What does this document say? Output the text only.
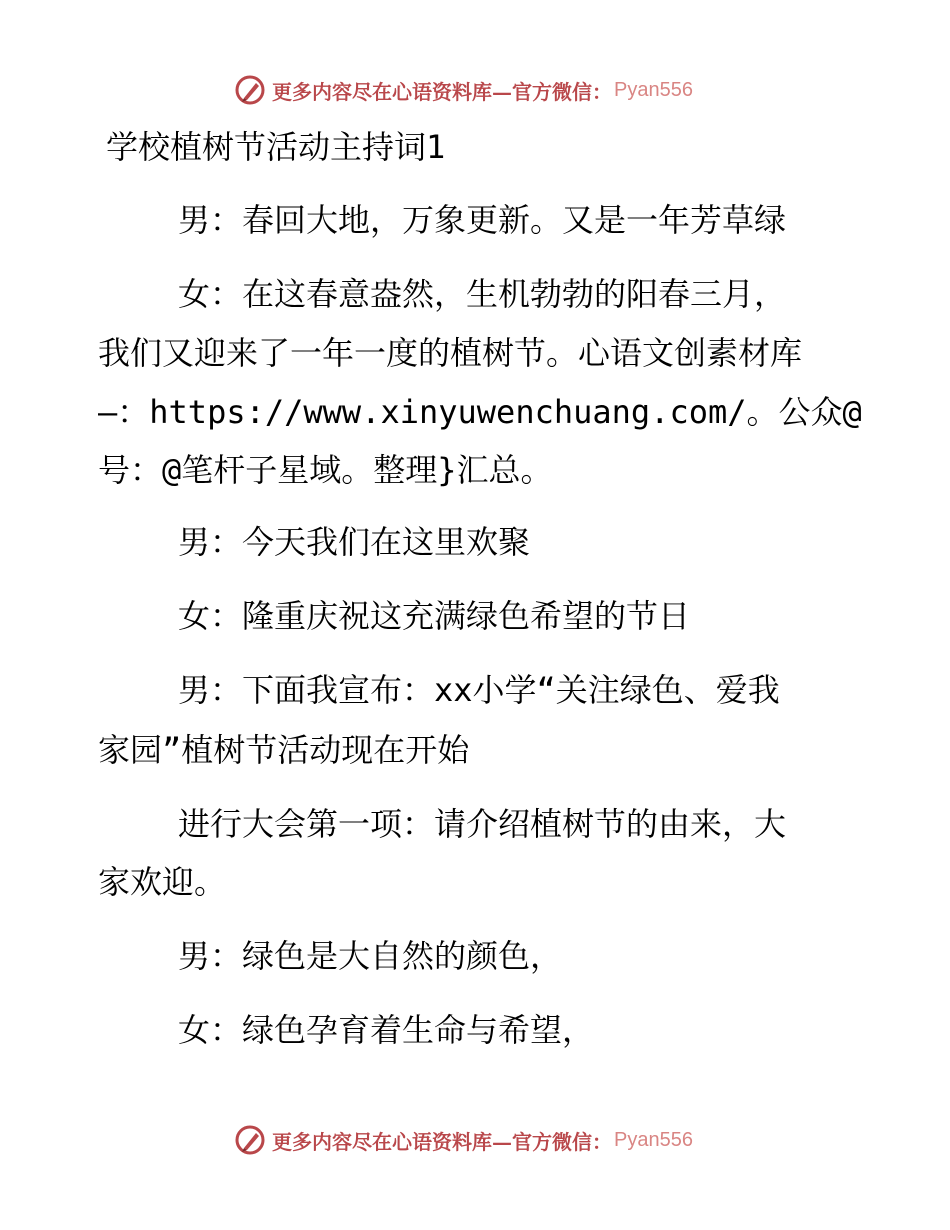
更多内容尽在心语资料库—官方微信： Pyan556
学校植树节活动主持词1
男：春回大地，万象更新。又是一年芳草绿
女：在这春意盎然，生机勃勃的阳春三月，
我们又迎来了一年一度的植树节。心语文创素材库
–：https://www.xinyuwenchuang.com/。公众@
号：@笔杆子星域。整理}汇总。
男：今天我们在这里欢聚
女：隆重庆祝这充满绿色希望的节日
男：下面我宣布：xx小学“关注绿色、爱我
家园”植树节活动现在开始
进行大会第一项：请介绍植树节的由来，大
家欢迎。
男：绿色是大自然的颜色，
女：绿色孕育着生命与希望，
更多内容尽在心语资料库—官方微信： Pyan556
